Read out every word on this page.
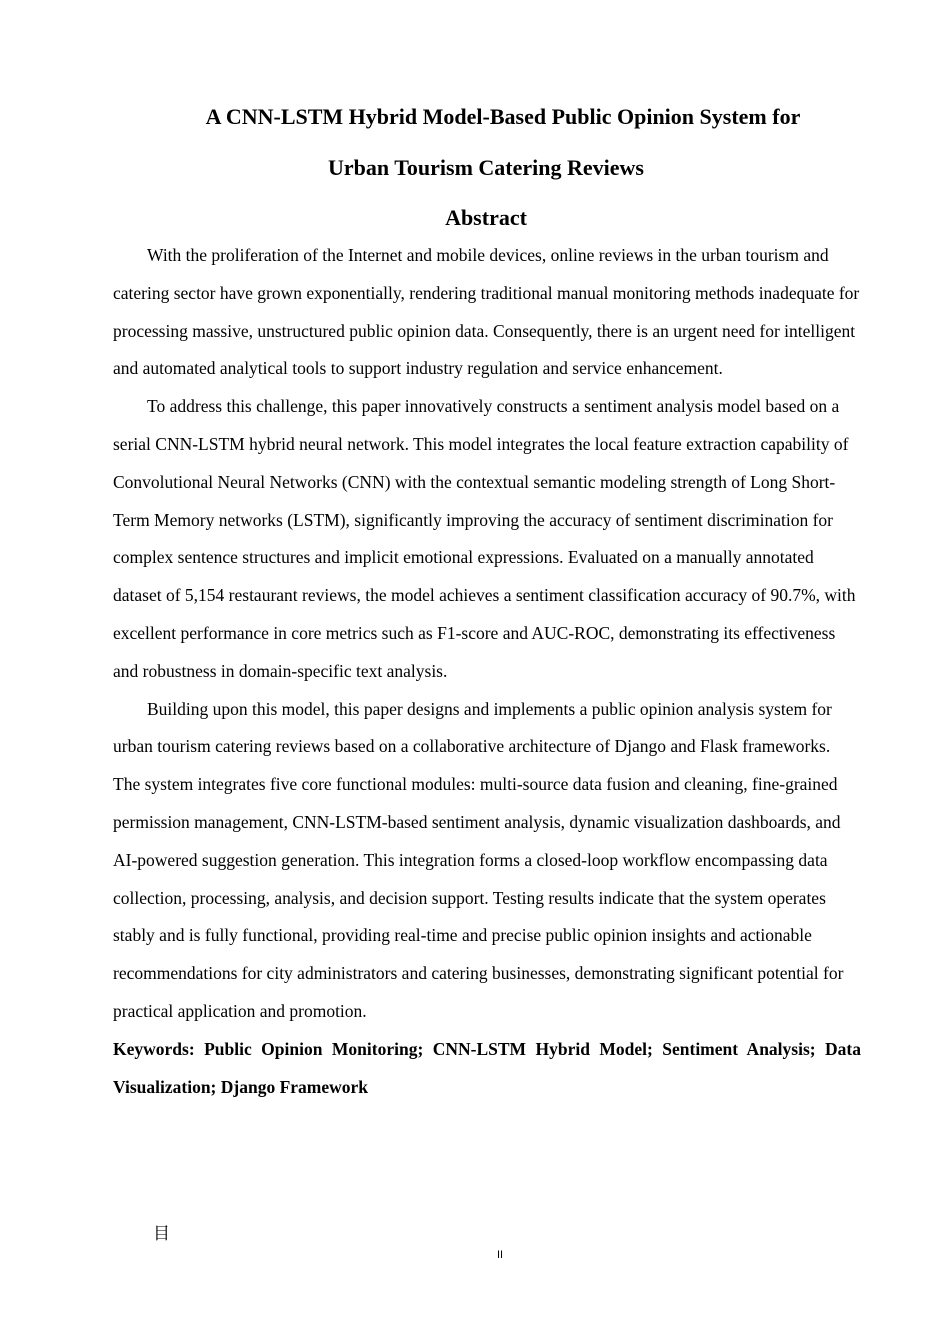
A CNN-LSTM Hybrid Model-Based Public Opinion System for
Urban Tourism Catering Reviews
Abstract

With the proliferation of the Internet and mobile devices, online reviews in the urban tourism and catering sector have grown exponentially, rendering traditional manual monitoring methods inadequate for processing massive, unstructured public opinion data. Consequently, there is an urgent need for intelligent and automated analytical tools to support industry regulation and service enhancement.

To address this challenge, this paper innovatively constructs a sentiment analysis model based on a serial CNN-LSTM hybrid neural network. This model integrates the local feature extraction capability of Convolutional Neural Networks (CNN) with the contextual semantic modeling strength of Long Short-Term Memory networks (LSTM), significantly improving the accuracy of sentiment discrimination for complex sentence structures and implicit emotional expressions. Evaluated on a manually annotated dataset of 5,154 restaurant reviews, the model achieves a sentiment classification accuracy of 90.7%, with excellent performance in core metrics such as F1-score and AUC-ROC, demonstrating its effectiveness and robustness in domain-specific text analysis.

Building upon this model, this paper designs and implements a public opinion analysis system for urban tourism catering reviews based on a collaborative architecture of Django and Flask frameworks. The system integrates five core functional modules: multi-source data fusion and cleaning, fine-grained permission management, CNN-LSTM-based sentiment analysis, dynamic visualization dashboards, and AI-powered suggestion generation. This integration forms a closed-loop workflow encompassing data collection, processing, analysis, and decision support. Testing results indicate that the system operates stably and is fully functional, providing real-time and precise public opinion insights and actionable recommendations for city administrators and catering businesses, demonstrating significant potential for practical application and promotion.

Keywords: Public Opinion Monitoring; CNN-LSTM Hybrid Model; Sentiment Analysis; Data Visualization; Django Framework

目
II
